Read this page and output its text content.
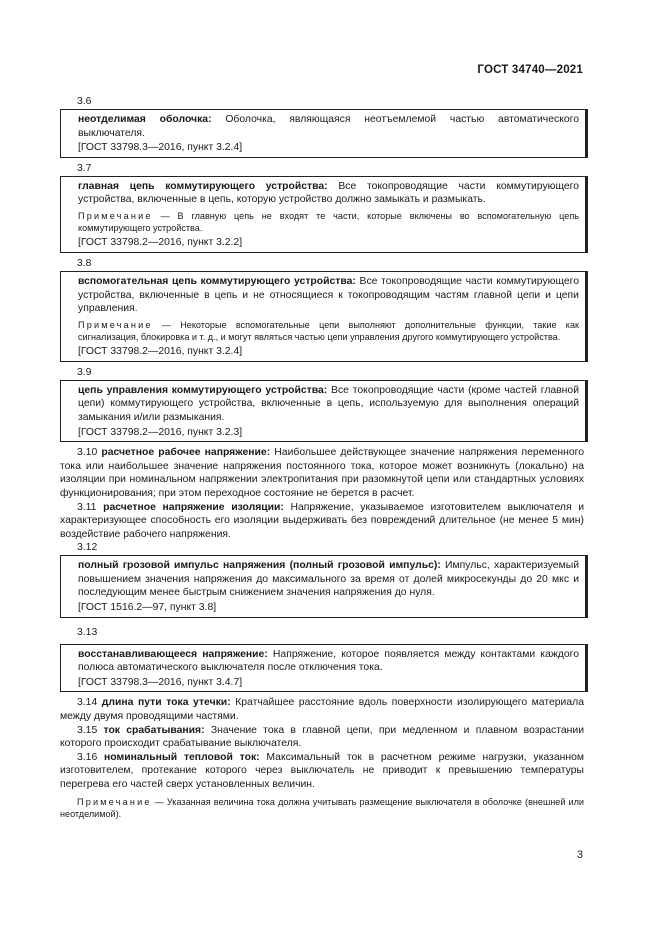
ГОСТ 34740—2021
3.6

неотделимая оболочка: Оболочка, являющаяся неотъемлемой частью автоматического выключателя.

[ГОСТ 33798.3—2016, пункт 3.2.4]

3.7

главная цепь коммутирующего устройства: Все токопроводящие части коммутирующего устройства, включенные в цепь, которую устройство должно замыкать и размыкать.

Примечание — В главную цепь не входят те части, которые включены во вспомогательную цепь коммутирующего устройства.

[ГОСТ 33798.2—2016, пункт 3.2.2]

3.8

вспомогательная цепь коммутирующего устройства: Все токопроводящие части коммутирующего устройства, включенные в цепь и не относящиеся к токопроводящим частям главной цепи и цепи управления.

Примечание — Некоторые вспомогательные цепи выполняют дополнительные функции, такие как сигнализация, блокировка и т. д., и могут являться частью цепи управления другого коммутирующего устройства.

[ГОСТ 33798.2—2016, пункт 3.2.4]

3.9

цепь управления коммутирующего устройства: Все токопроводящие части (кроме частей главной цепи) коммутирующего устройства, включенные в цепь, используемую для выполнения операций замыкания и/или размыкания.

[ГОСТ 33798.2—2016, пункт 3.2.3]

3.10 расчетное рабочее напряжение: Наибольшее действующее значение напряжения переменного тока или наибольшее значение напряжения постоянного тока, которое может возникнуть (локально) на изоляции при номинальном напряжении электропитания при разомкнутой цепи или стандартных условиях функционирования; при этом переходное состояние не берется в расчет.

3.11 расчетное напряжение изоляции: Напряжение, указываемое изготовителем выключателя и характеризующее способность его изоляции выдерживать без повреждений длительное (не менее 5 мин) воздействие рабочего напряжения.

3.12

полный грозовой импульс напряжения (полный грозовой импульс): Импульс, характеризуемый повышением значения напряжения до максимального за время от долей микросекунды до 20 мкс и последующим менее быстрым снижением значения напряжения до нуля.

[ГОСТ 1516.2—97, пункт 3.8]

3.13

восстанавливающееся напряжение: Напряжение, которое появляется между контактами каждого полюса автоматического выключателя после отключения тока.

[ГОСТ 33798.3—2016, пункт 3.4.7]

3.14 длина пути тока утечки: Кратчайшее расстояние вдоль поверхности изолирующего материала между двумя проводящими частями.

3.15 ток срабатывания: Значение тока в главной цепи, при медленном и плавном возрастании которого происходит срабатывание выключателя.

3.16 номинальный тепловой ток: Максимальный ток в расчетном режиме нагрузки, указанном изготовителем, протекание которого через выключатель не приводит к превышению температуры перегрева его частей сверх установленных величин.

Примечание — Указанная величина тока должна учитывать размещение выключателя в оболочке (внешней или неотделимой).

3
